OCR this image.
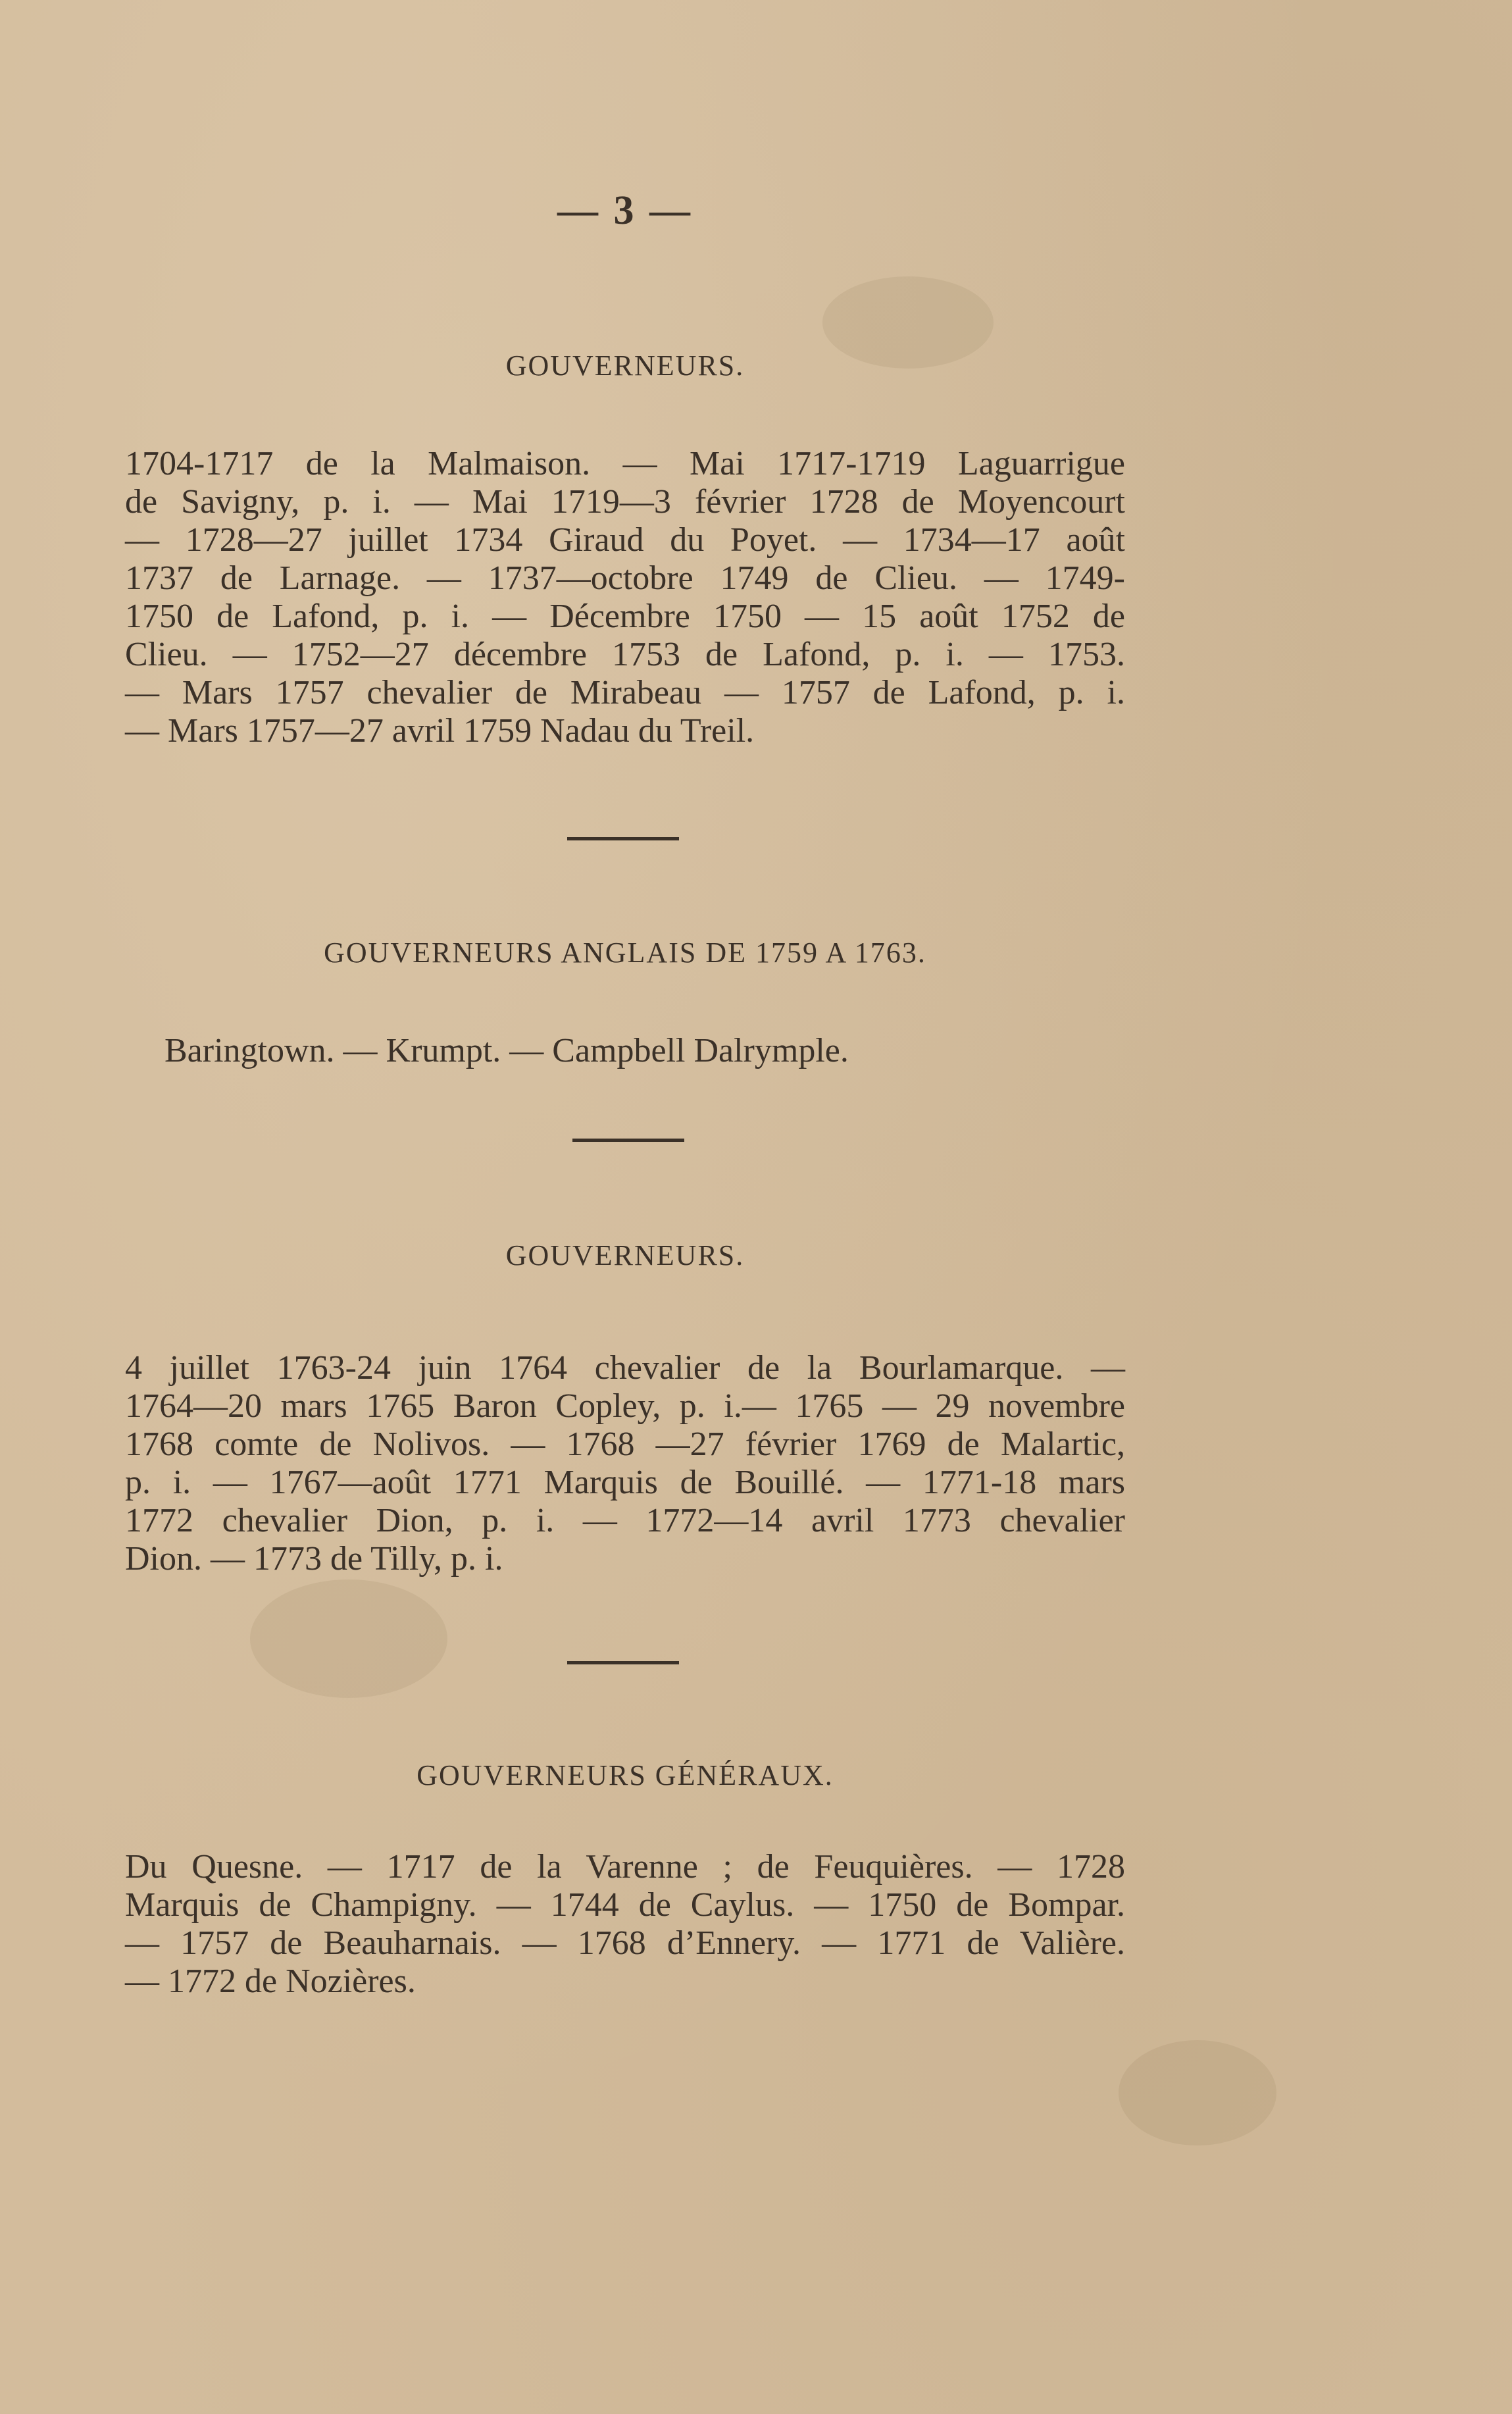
— 3 —
GOUVERNEURS.
1704-1717 de la Malmaison. — Mai 1717-1719 Laguarrigue
de Savigny, p. i. — Mai 1719—3 février 1728 de Moyencourt
— 1728—27 juillet 1734 Giraud du Poyet. — 1734—17 août
1737 de Larnage. — 1737—octobre 1749 de Clieu. — 1749-
1750 de Lafond, p. i. — Décembre 1750 — 15 août 1752 de
Clieu. — 1752—27 décembre 1753 de Lafond, p. i. — 1753.
— Mars 1757 chevalier de Mirabeau — 1757 de Lafond, p. i.
— Mars 1757—27 avril 1759 Nadau du Treil.
GOUVERNEURS ANGLAIS DE 1759 A 1763.
Baringtown. — Krumpt. — Campbell Dalrymple.
GOUVERNEURS.
4 juillet 1763-24 juin 1764 chevalier de la Bourlamarque. —
1764—20 mars 1765 Baron Copley, p. i.— 1765 — 29 novembre
1768 comte de Nolivos. — 1768 —27 février 1769 de Malartic,
p. i. — 1767—août 1771 Marquis de Bouillé. — 1771-18 mars
1772 chevalier Dion, p. i. — 1772—14 avril 1773 chevalier
Dion. — 1773 de Tilly, p. i.
GOUVERNEURS GÉNÉRAUX.
Du Quesne. — 1717 de la Varenne ; de Feuquières. — 1728
Marquis de Champigny. — 1744 de Caylus. — 1750 de Bompar.
— 1757 de Beauharnais. — 1768 d’Ennery. — 1771 de Valière.
— 1772 de Nozières.
